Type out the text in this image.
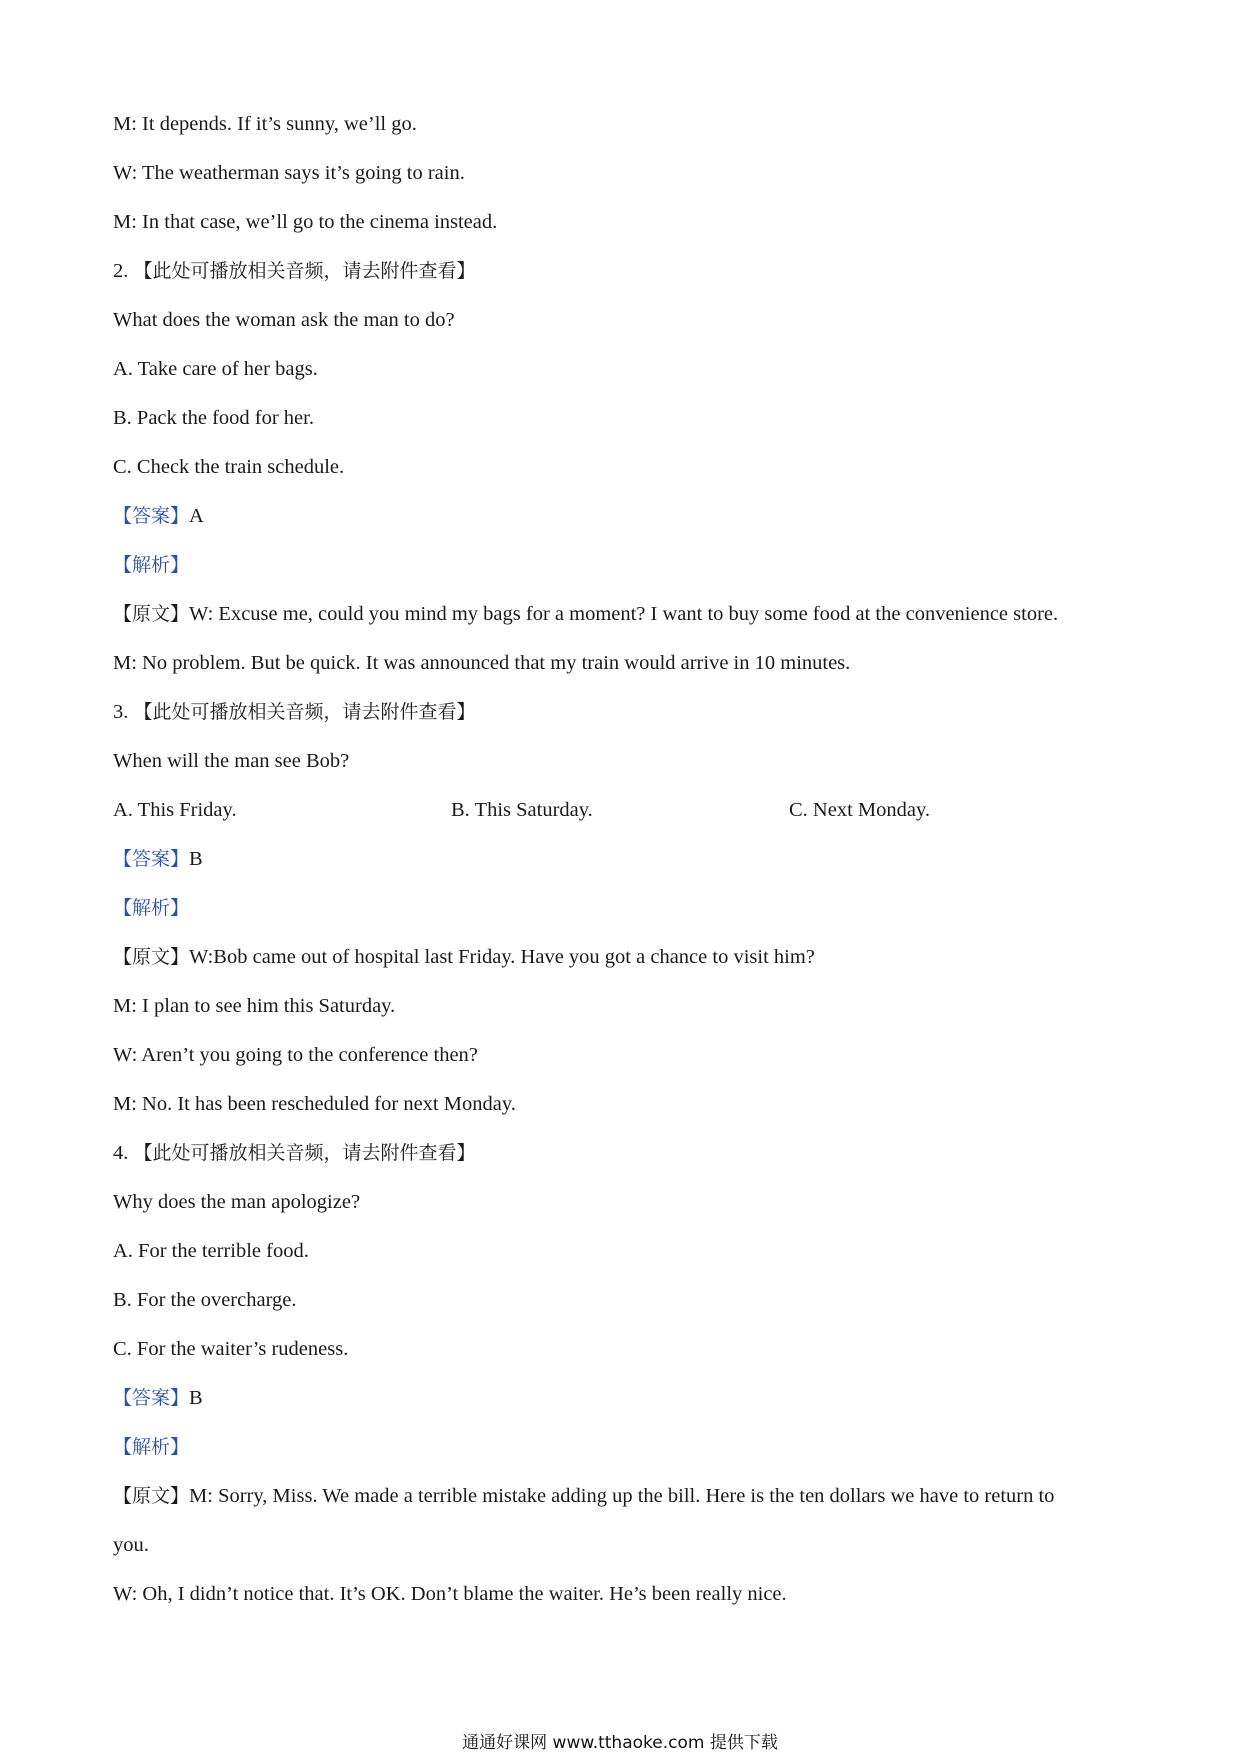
M: It depends. If it’s sunny, we’ll go.
W: The weatherman says it’s going to rain.
M: In that case, we’ll go to the cinema instead.
2. 【此处可播放相关音频，请去附件查看】
What does the woman ask the man to do?
A. Take care of her bags.
B. Pack the food for her.
C. Check the train schedule.
【答案】A
【解析】
【原文】W: Excuse me, could you mind my bags for a moment? I want to buy some food at the convenience store.
M: No problem. But be quick. It was announced that my train would arrive in 10 minutes.
3. 【此处可播放相关音频，请去附件查看】
When will the man see Bob?
A. This Friday.	B. This Saturday.	C. Next Monday.
【答案】B
【解析】
【原文】W:Bob came out of hospital last Friday. Have you got a chance to visit him?
M: I plan to see him this Saturday.
W: Aren’t you going to the conference then?
M: No. It has been rescheduled for next Monday.
4. 【此处可播放相关音频，请去附件查看】
Why does the man apologize?
A. For the terrible food.
B. For the overcharge.
C. For the waiter’s rudeness.
【答案】B
【解析】
【原文】M: Sorry, Miss. We made a terrible mistake adding up the bill. Here is the ten dollars we have to return to
you.
W: Oh, I didn’t notice that. It’s OK. Don’t blame the waiter. He’s been really nice.
通通好课网 www.tthaoke.com 提供下载
